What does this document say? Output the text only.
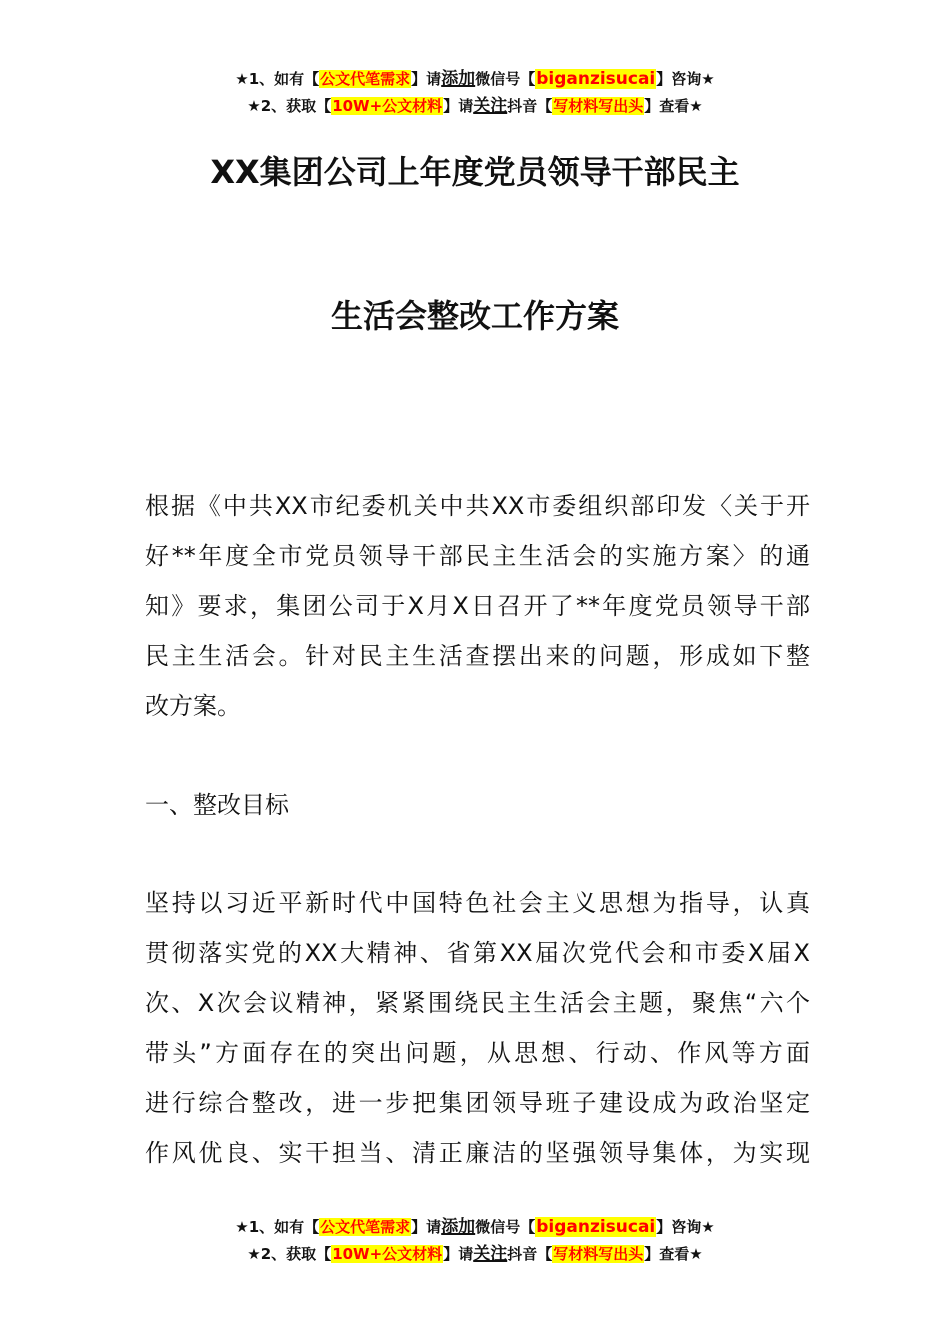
★1、如有【公文代笔需求】请添加微信号【biganzisucai】咨询★
★2、获取【10W+公文材料】请关注抖音【写材料写出头】查看★
XX集团公司上年度党员领导干部民主
生活会整改工作方案

根据《中共XX市纪委机关中共XX市委组织部印发〈关于开
好**年度全市党员领导干部民主生活会的实施方案〉的通
知》要求，集团公司于X月X日召开了**年度党员领导干部
民主生活会。针对民主生活查摆出来的问题，形成如下整
改方案。

一、整改目标

坚持以习近平新时代中国特色社会主义思想为指导，认真
贯彻落实党的XX大精神、省第XX届次党代会和市委X届X
次、X次会议精神，紧紧围绕民主生活会主题，聚焦“六个
带头”方面存在的突出问题，从思想、行动、作风等方面
进行综合整改，进一步把集团领导班子建设成为政治坚定
作风优良、实干担当、清正廉洁的坚强领导集体，为实现

★1、如有【公文代笔需求】请添加微信号【biganzisucai】咨询★
★2、获取【10W+公文材料】请关注抖音【写材料写出头】查看★
